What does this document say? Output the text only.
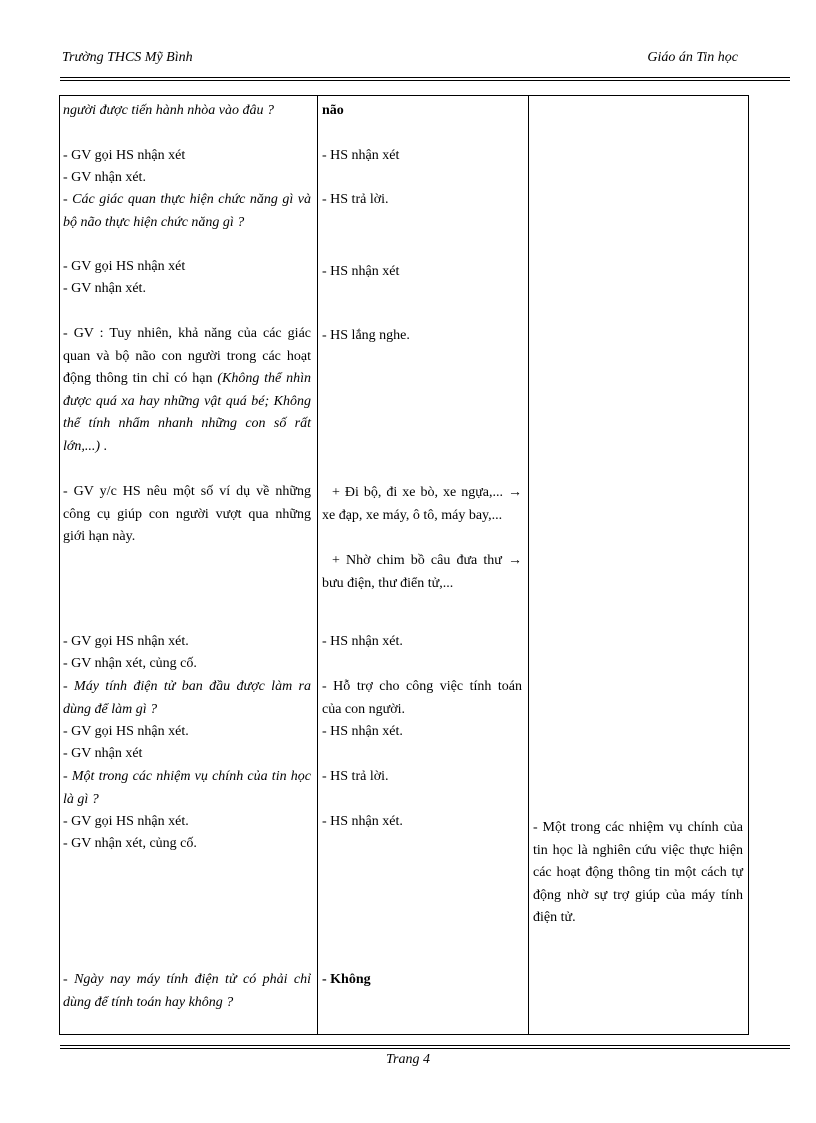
Trường THCS Mỹ Bình	Giáo án Tin học
người được tiến hành nhòa vào đâu ?
- GV gọi HS nhận xét
- GV nhận xét.
- Các giác quan thực hiện chức năng gì và bộ não thực hiện chức năng gì ?
- GV gọi HS nhận xét
- GV nhận xét.
- GV : Tuy nhiên, khả năng của các giác quan và bộ não con người trong các hoạt động thông tin chỉ có hạn (Không thể nhìn được quá xa hay những vật quá bé; Không thể tính nhẩm nhanh những con số rất lớn,...) .
- GV y/c HS nêu một số ví dụ về những công cụ giúp con người vượt qua những giới hạn này.
- GV gọi HS nhận xét.
- GV nhận xét, củng cố.
- Máy tính điện tử ban đầu được làm ra dùng để làm gì ?
- GV gọi HS nhận xét.
- GV nhận xét
- Một trong các nhiệm vụ chính của tin học là gì ?
- GV gọi HS nhận xét.
- GV nhận xét, củng cố.
- Ngày nay máy tính điện tử có phải chỉ dùng để tính toán hay không ?
não
- HS nhận xét
- HS trả lời.
- HS nhận xét
- HS lắng nghe.
+ Đi bộ, đi xe bò, xe ngựa,... → xe đạp, xe máy, ô tô, máy bay,...
+ Nhờ chim bồ câu đưa thư → bưu điện, thư điển tử,...
- HS nhận xét.
- Hỗ trợ cho công việc tính toán của con người.
- HS nhận xét.
- HS trả lời.
- HS nhận xét.
- Không
- Một trong các nhiệm vụ chính của tin học là nghiên cứu việc thực hiện các hoạt động thông tin một cách tự động nhờ sự trợ giúp của máy tính điện tử.
Trang 4
